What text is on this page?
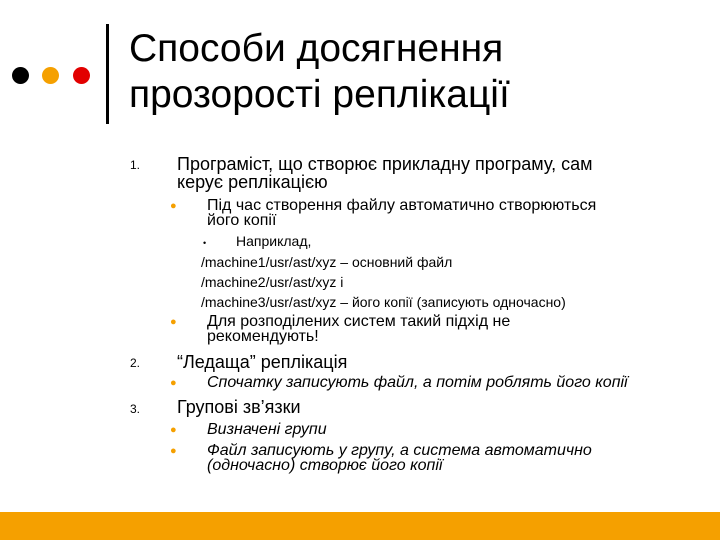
Способи досягнення
прозорості реплікації
1. Програміст, що створює прикладну програму, сам
керує реплікацією
● Під час створення файлу автоматично створюються
його копії
• Наприклад,
/machine1/usr/ast/xyz – основний файл
/machine2/usr/ast/xyz і
/machine3/usr/ast/xyz – його копії (записують одночасно)
● Для розподілених систем такий підхід не
рекомендують!
2. “Ледаща” реплікація
● Спочатку записують файл, а потім роблять його копії
3. Групові зв’язки
● Визначені групи
● Файл записують у групу, а система автоматично
(одночасно) створює його копії
